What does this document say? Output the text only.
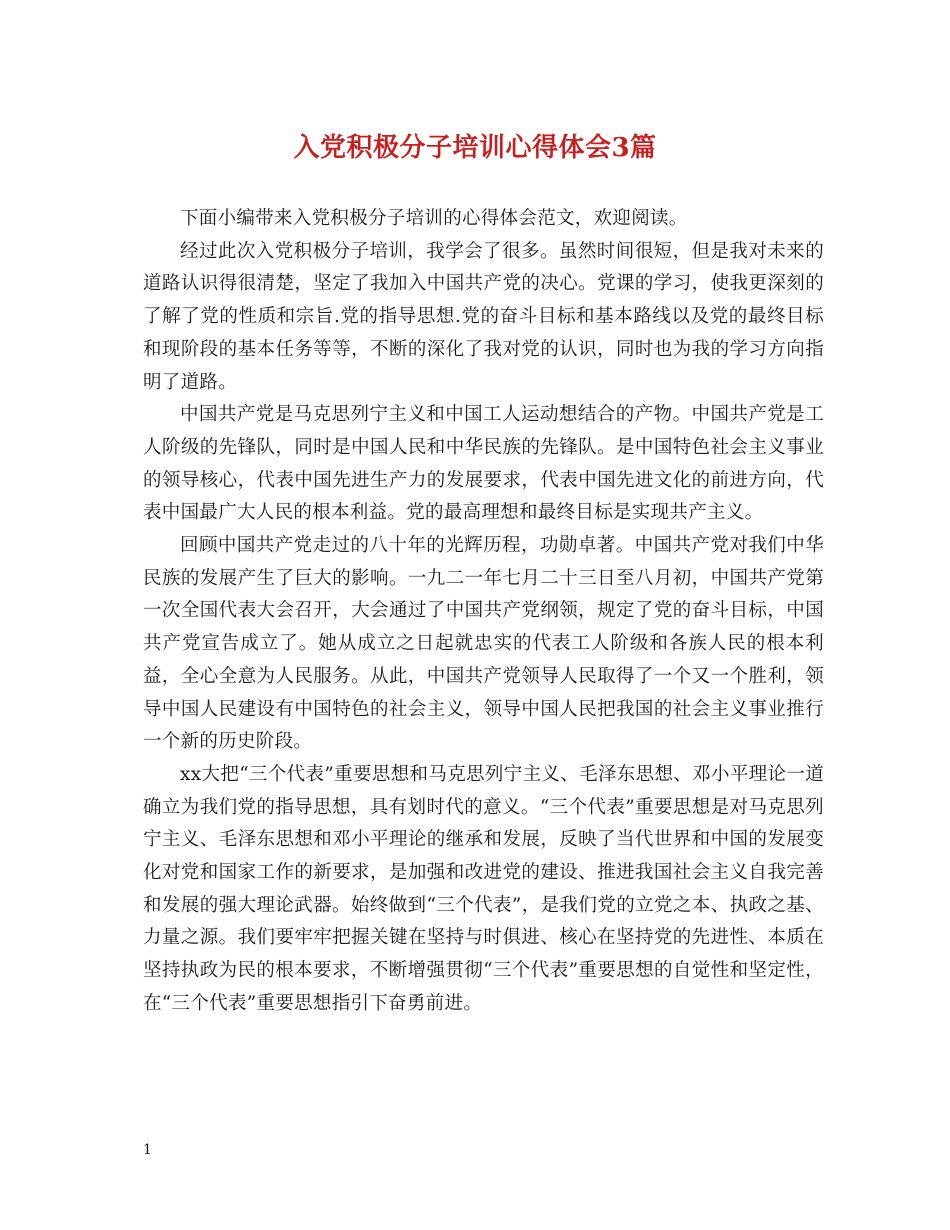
入党积极分子培训心得体会3篇

下面小编带来入党积极分子培训的心得体会范文，欢迎阅读。

经过此次入党积极分子培训，我学会了很多。虽然时间很短，但是我对未来的道路认识得很清楚，坚定了我加入中国共产党的决心。党课的学习，使我更深刻的了解了党的性质和宗旨.党的指导思想.党的奋斗目标和基本路线以及党的最终目标和现阶段的基本任务等等，不断的深化了我对党的认识，同时也为我的学习方向指明了道路。

中国共产党是马克思列宁主义和中国工人运动想结合的产物。中国共产党是工人阶级的先锋队，同时是中国人民和中华民族的先锋队。是中国特色社会主义事业的领导核心，代表中国先进生产力的发展要求，代表中国先进文化的前进方向，代表中国最广大人民的根本利益。党的最高理想和最终目标是实现共产主义。

回顾中国共产党走过的八十年的光辉历程，功勋卓著。中国共产党对我们中华民族的发展产生了巨大的影响。一九二一年七月二十三日至八月初，中国共产党第一次全国代表大会召开，大会通过了中国共产党纲领，规定了党的奋斗目标，中国共产党宣告成立了。她从成立之日起就忠实的代表工人阶级和各族人民的根本利益，全心全意为人民服务。从此，中国共产党领导人民取得了一个又一个胜利，领导中国人民建设有中国特色的社会主义，领导中国人民把我国的社会主义事业推行一个新的历史阶段。

xx大把“三个代表”重要思想和马克思列宁主义、毛泽东思想、邓小平理论一道确立为我们党的指导思想，具有划时代的意义。“三个代表”重要思想是对马克思列宁主义、毛泽东思想和邓小平理论的继承和发展，反映了当代世界和中国的发展变化对党和国家工作的新要求，是加强和改进党的建设、推进我国社会主义自我完善和发展的强大理论武器。始终做到“三个代表”，是我们党的立党之本、执政之基、力量之源。我们要牢牢把握关键在坚持与时俱进、核心在坚持党的先进性、本质在坚持执政为民的根本要求，不断增强贯彻“三个代表”重要思想的自觉性和坚定性，在“三个代表”重要思想指引下奋勇前进。

1
